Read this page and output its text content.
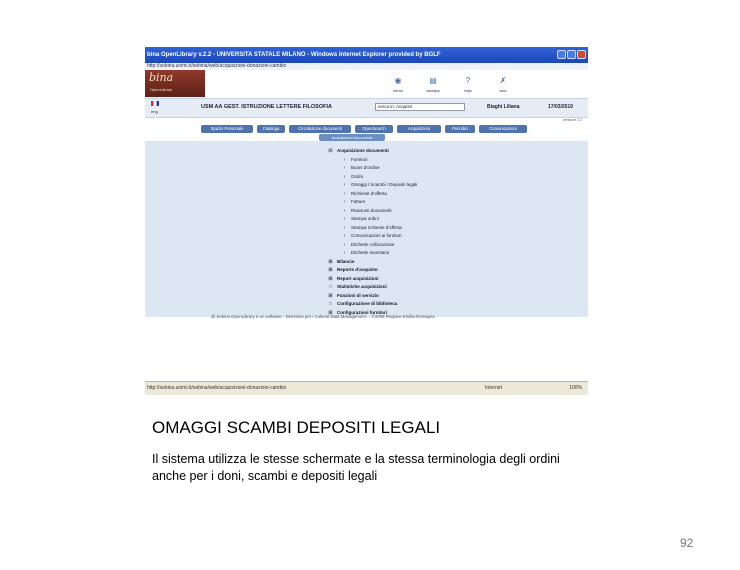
bina OpenLibrary v.2.2 - UNIVERSITA STATALE MILANO - Windows Internet Explorer provided by BGLF
http://sebina.unimi.it/sebina/web/acquisizioni-donazioni-cambio
bina
OpenLibrary
◉
cerca
▤
stampa
?
help
✗
esci
eng
USM AA GEST. ISTRUZIONE LETTERE FILOSOFIA	cerca in: Acquisti	Biaghi Liliana	17/03/2010
versione 2.2
Spazio Personale	Cataloga	Circolazione documenti	OpenSearch	Acquisizioni	Periodici	Comunicazioni
Acquisizioni documenti
⊟ Acquisizione documenti
› Fornitori
› Buoni d'ordine
› Ordini
› Omaggi / Scambi / Depositi legali
› Richieste d'offerta
› Fatture
› Riassunti documenti
› Stampa ordini
› Stampa richieste d'offerta
› Comunicazioni ai fornitori
› Etichette collocazione
› Etichette inventario
⊞ Bilancio
⊞ Reports d'acquisto
⊞ Report acquisizioni
□ Statistiche acquisizioni
⊞ Funzioni di servizio
□ Configurazione di biblioteca
⊞ Configurazioni fornitori
@ Sebina OpenLibrary è un software - Direzione per i Cultural Data Management ... ©2008 Regione Emilia-Romagna
http://sebina.unimi.it/sebina/web/acquisizioni-donazioni-cambio	Internet	100%
OMAGGI SCAMBI DEPOSITI LEGALI
Il sistema utilizza le stesse schermate e la stessa terminologia degli ordini anche per i doni, scambi e depositi legali
92
